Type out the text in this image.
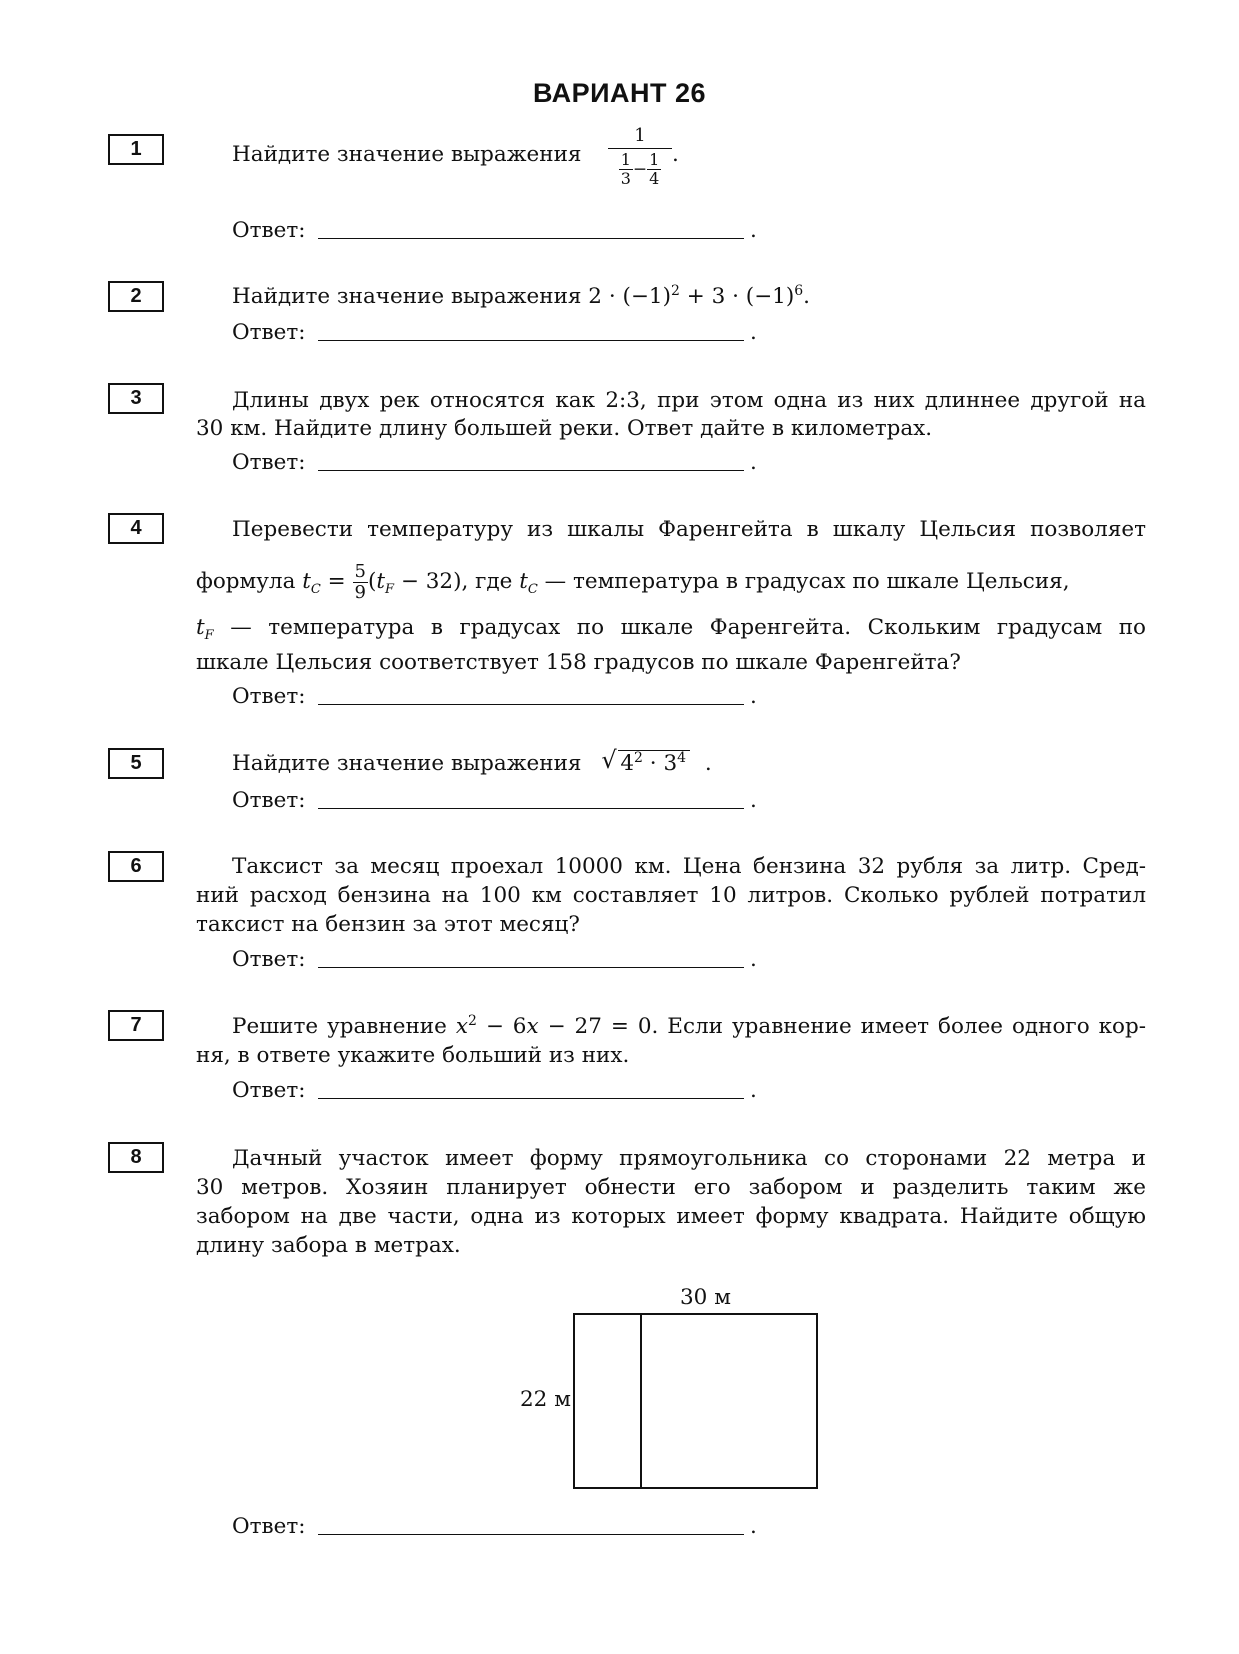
ВАРИАНТ 26
1	Найдите значение выражения
1
$\frac{1}{3} - \frac{1}{4}$ .
Ответ:	.
2	Найдите значение выражения $2 \cdot (-1)^2 + 3 \cdot (-1)^6$.
Ответ:	.
3	Длины двух рек относятся как 2:3, при этом одна из них длиннее другой на
30 км. Найдите длину большей реки. Ответ дайте в километрах.
Ответ:	.
4	Перевести температуру из шкалы Фаренгейта в шкалу Цельсия позволяет
формула $t_C = \frac{5}{9} (t_F - 32)$, где $t_C$ — температура в градусах по шкале Цельсия,
$t_F$ — температура в градусах по шкале Фаренгейта. Скольким градусам по
шкале Цельсия соответствует 158 градусов по шкале Фаренгейта?
Ответ:	.
5	Найдите значение выражения √ $4^2 \cdot 3^4$ .
Ответ:	.
6	Таксист за месяц проехал 10000 км. Цена бензина 32 рубля за литр. Сред-
ний расход бензина на 100 км составляет 10 литров. Сколько рублей потратил
таксист на бензин за этот месяц?
Ответ:	.
7	Решите уравнение $x^2 - 6x - 27 = 0$. Если уравнение имеет более одного кор-
ня, в ответе укажите больший из них.
Ответ:	.
8	Дачный участок имеет форму прямоугольника со сторонами 22 метра и
30 метров. Хозяин планирует обнести его забором и разделить таким же
забором на две части, одна из которых имеет форму квадрата. Найдите общую
длину забора в метрах.
30 м
22 м
Ответ:	.
